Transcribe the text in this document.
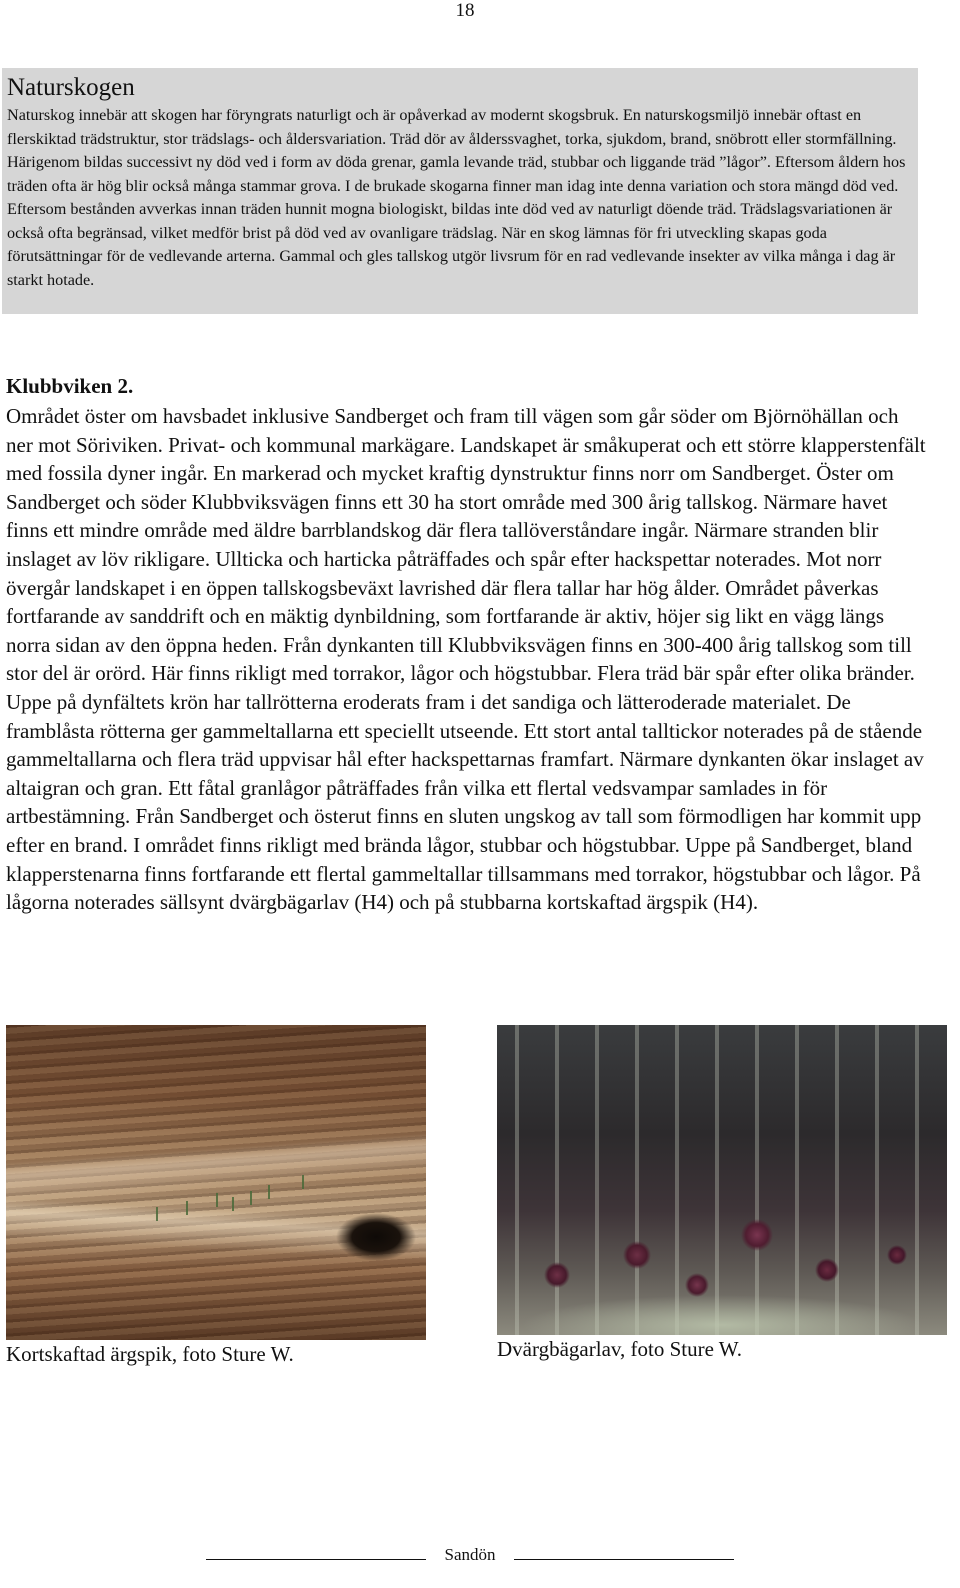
18
Naturskogen
Naturskog innebär att skogen har föryngrats naturligt och är opåverkad av modernt skogsbruk. En naturskogsmiljö innebär oftast en flerskiktad trädstruktur, stor trädslags- och åldersvariation. Träd dör av ålderssvaghet, torka, sjukdom, brand, snöbrott eller stormfällning. Härigenom bildas successivt ny död ved i form av döda grenar, gamla levande träd, stubbar och liggande träd ”lågor”. Eftersom åldern hos träden ofta är hög blir också många stammar grova. I de brukade skogarna finner man idag inte denna variation och stora mängd död ved. Eftersom bestånden avverkas innan träden hunnit mogna biologiskt, bildas inte död ved av naturligt döende träd. Trädslagsvariationen är också ofta begränsad, vilket medför brist på död ved av ovanligare trädslag. När en skog lämnas för fri utveckling skapas goda förutsättningar för de vedlevande arterna. Gammal och gles tallskog utgör livsrum för en rad vedlevande insekter av vilka många i dag är starkt hotade.
Klubbviken 2.
Området öster om havsbadet inklusive Sandberget och fram till vägen som går söder om Björnöhällan och ner mot Söriviken. Privat- och kommunal markägare. Landskapet är småkuperat och ett större klapperstenfält med fossila dyner ingår. En markerad och mycket kraftig dynstruktur finns norr om Sandberget. Öster om Sandberget och söder Klubbviksvägen finns ett 30 ha stort område med 300 årig tallskog. Närmare havet finns ett mindre område med äldre barrblandskog där flera tallöverståndare ingår. Närmare stranden blir inslaget av löv rikligare. Ullticka och harticka påträffades och spår efter hackspettar noterades. Mot norr övergår landskapet i en öppen tallskogsbeväxt lavrished där flera tallar har hög ålder. Området påverkas fortfarande av sanddrift och en mäktig dynbildning, som fortfarande är aktiv, höjer sig likt en vägg längs norra sidan av den öppna heden. Från dynkanten till Klubbviksvägen finns en 300-400 årig tallskog som till stor del är orörd. Här finns rikligt med torrakor, lågor och högstubbar. Flera träd bär spår efter olika bränder. Uppe på dynfältets krön har tallrötterna eroderats fram i det sandiga och lätteroderade materialet. De framblåsta rötterna ger gammeltallarna ett speciellt utseende. Ett stort antal talltickor noterades på de stående gammeltallarna och flera träd uppvisar hål efter hackspettarnas framfart. Närmare dynkanten ökar inslaget av altaigran och gran. Ett fåtal granlågor påträffades från vilka ett flertal vedsvampar samlades in för artbestämning. Från Sandberget och österut finns en sluten ungskog av tall som förmodligen har kommit upp efter en brand. I området finns rikligt med brända lågor, stubbar och högstubbar. Uppe på Sandberget, bland klapperstenarna finns fortfarande ett flertal gammeltallar tillsammans med torrakor, högstubbar och lågor. På lågorna noterades sällsynt dvärgbägarlav (H4) och på stubbarna kortskaftad ärgspik (H4).
Kortskaftad ärgspik, foto Sture W.	Dvärgbägarlav, foto Sture W.
Sandön
